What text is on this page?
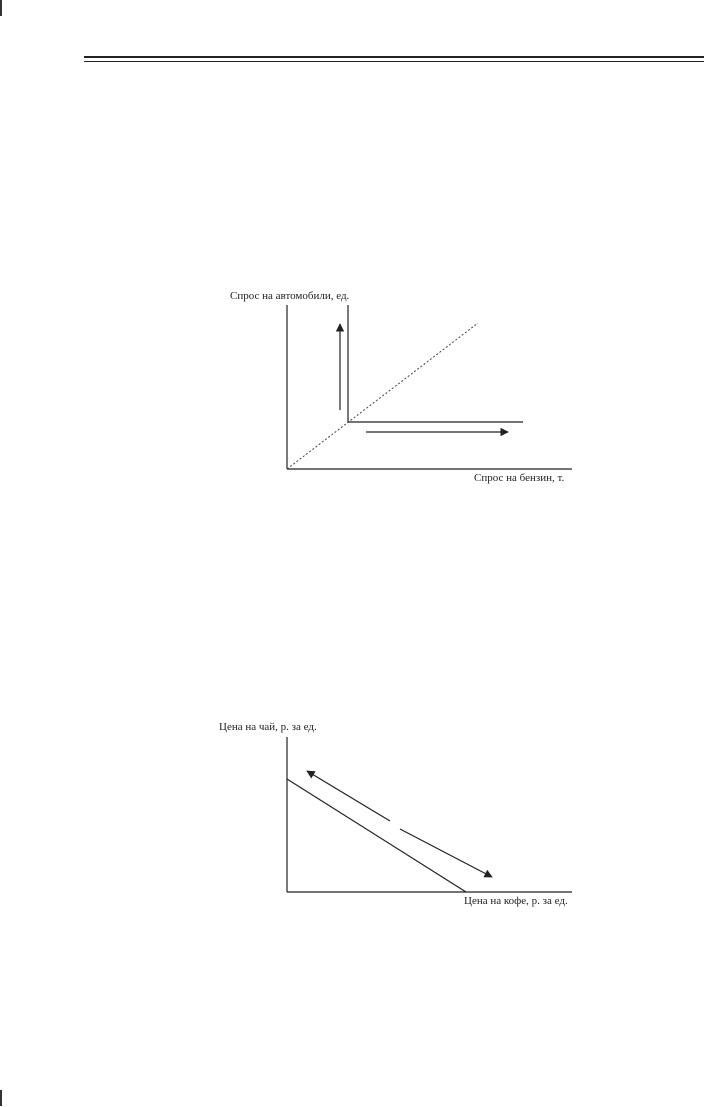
Спрос на автомобили, ед.
Спрос на бензин, т.
Цена на чай, р. за ед.
Цена на кофе, р. за ед.
